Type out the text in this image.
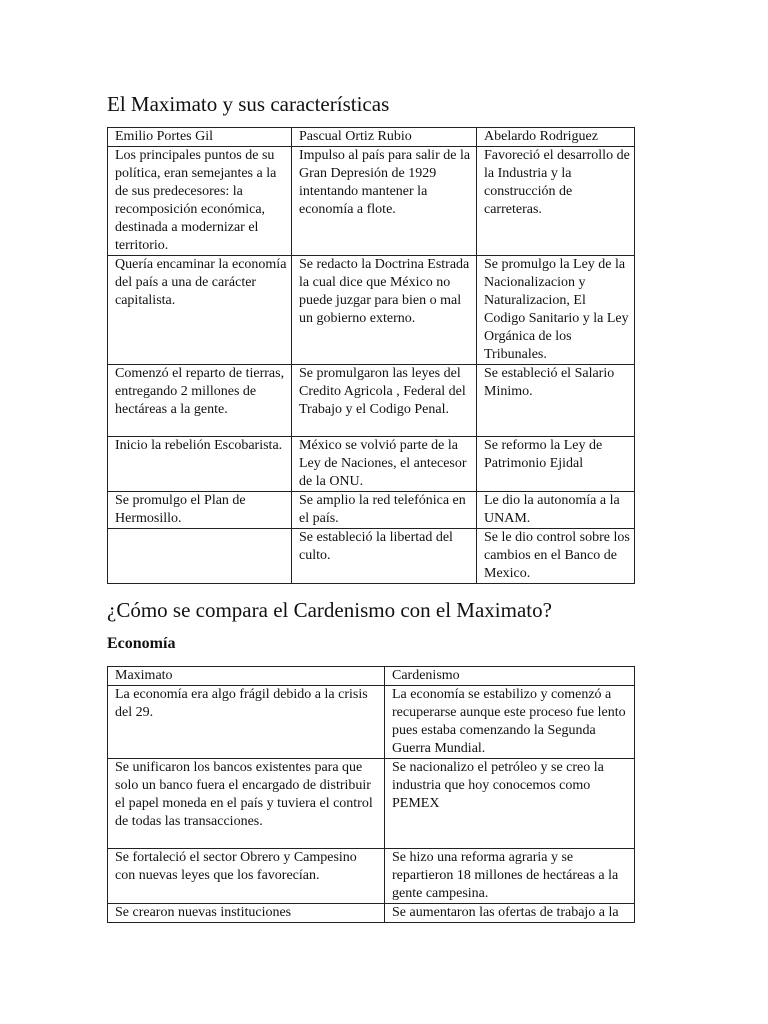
El Maximato y sus características
Emilio Portes Gil	Pascual Ortiz Rubio	Abelardo Rodriguez
Los principales puntos de su política, eran semejantes a la de sus predecesores: la recomposición económica, destinada a modernizar el territorio.	Impulso al país para salir de la Gran Depresión de 1929 intentando mantener la economía a flote.	Favoreció el desarrollo de la Industria y la construcción de carreteras.
Quería encaminar la economía del país a una de carácter capitalista.	Se redacto la Doctrina Estrada la cual dice que México no puede juzgar para bien o mal un gobierno externo.	Se promulgo la Ley de la Nacionalizacion y Naturalizacion, El Codigo Sanitario y la Ley Orgánica de los Tribunales.
Comenzó el reparto de tierras, entregando 2 millones de hectáreas a la gente.	Se promulgaron las leyes del Credito Agricola , Federal del Trabajo y el Codigo Penal.	Se estableció el Salario Minimo.
Inicio la rebelión Escobarista.	México se volvió parte de la Ley de Naciones, el antecesor de la ONU.	Se reformo la Ley de Patrimonio Ejidal
Se promulgo el Plan de Hermosillo.	Se amplio la red telefónica en el país.	Le dio la autonomía a la UNAM.
	Se estableció la libertad del culto.	Se le dio control sobre los cambios en el Banco de Mexico.
¿Cómo se compara el Cardenismo con el Maximato?
Economía
Maximato	Cardenismo
La economía era algo frágil debido a la crisis del 29.	La economía se estabilizo y comenzó a recuperarse aunque este proceso fue lento pues estaba comenzando la Segunda Guerra Mundial.
Se unificaron los bancos existentes para que solo un banco fuera el encargado de distribuir el papel moneda en el país y tuviera el control de todas las transacciones.	Se nacionalizo el petróleo y se creo la industria que hoy conocemos como PEMEX
Se fortaleció el sector Obrero y Campesino con nuevas leyes que los favorecían.	Se hizo una reforma agraria y se repartieron 18 millones de hectáreas a la gente campesina.
Se crearon nuevas instituciones	Se aumentaron las ofertas de trabajo a la
